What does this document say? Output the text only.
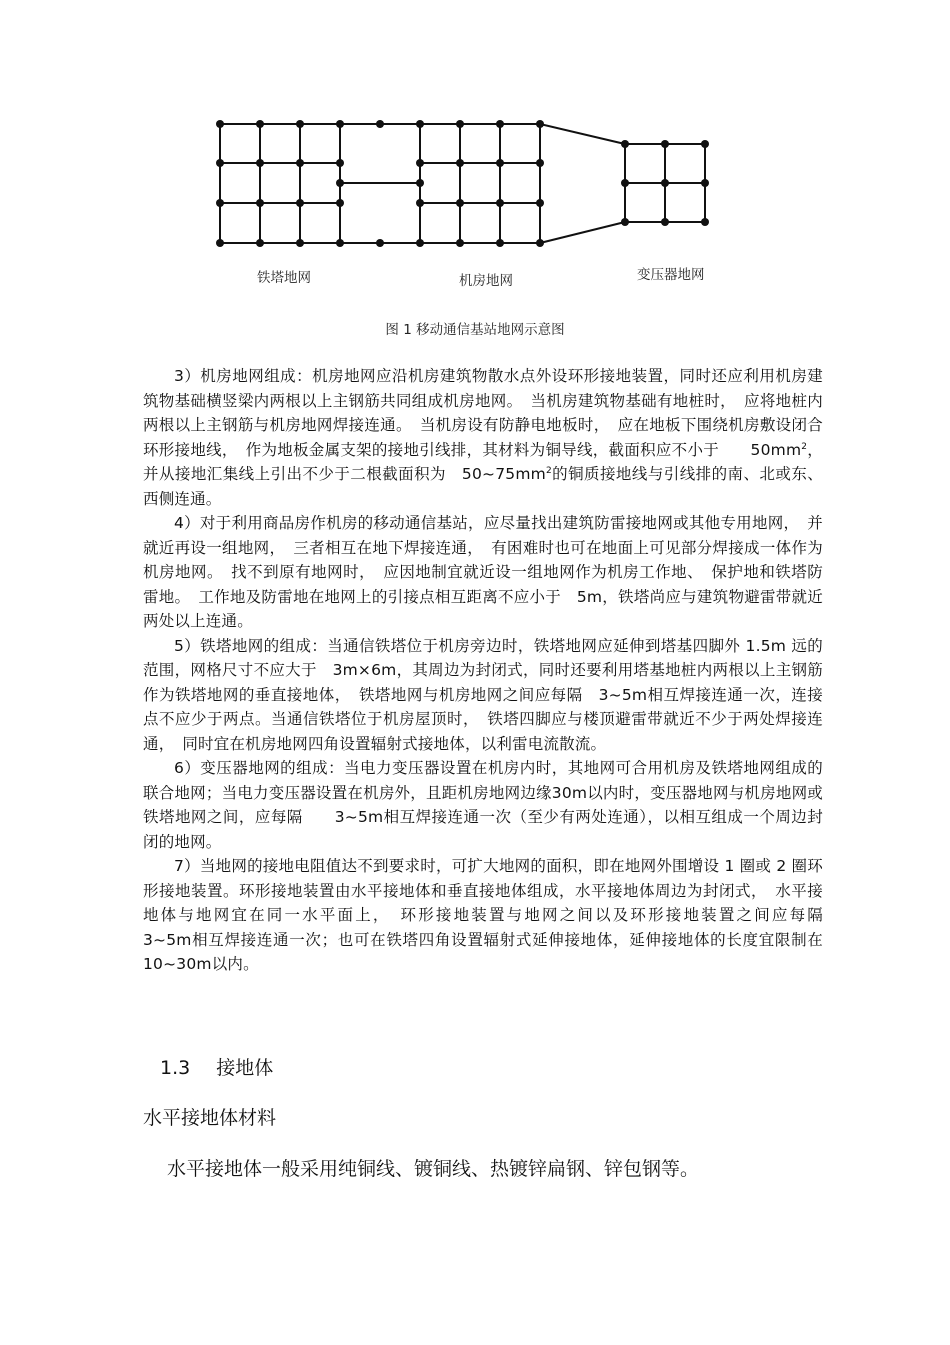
铁塔地网	机房地网	变压器地网
图 1 移动通信基站地网示意图

3）机房地网组成：机房地网应沿机房建筑物散水点外设环形接地装置，同时还应利用机房建筑物基础横竖梁内两根以上主钢筋共同组成机房地网。　当机房建筑物基础有地桩时，　应将地桩内两根以上主钢筋与机房地网焊接连通。　当机房设有防静电地板时，　应在地板下围绕机房敷设闭合环形接地线，　作为地板金属支架的接地引线排，其材料为铜导线，截面积应不小于　　$50mm^2$，并从接地汇集线上引出不少于二根截面积为　$50\sim 75mm^2$的铜质接地线与引线排的南、北或东、西侧连通。

4）对于利用商品房作机房的移动通信基站，应尽量找出建筑防雷接地网或其他专用地网，　并就近再设一组地网，　三者相互在地下焊接连通，　有困难时也可在地面上可见部分焊接成一体作为机房地网。　找不到原有地网时，　应因地制宜就近设一组地网作为机房工作地、　保护地和铁塔防雷地。　工作地及防雷地在地网上的引接点相互距离不应小于　5m，铁塔尚应与建筑物避雷带就近两处以上连通。

5）铁塔地网的组成：当通信铁塔位于机房旁边时，铁塔地网应延伸到塔基四脚外 1.5m 远的范围，网格尺寸不应大于　3m×6m，其周边为封闭式，同时还要利用塔基地桩内两根以上主钢筋作为铁塔地网的垂直接地体，　铁塔地网与机房地网之间应每隔　3~5m相互焊接连通一次，连接点不应少于两点。当通信铁塔位于机房屋顶时，　铁塔四脚应与楼顶避雷带就近不少于两处焊接连通，　同时宜在机房地网四角设置辐射式接地体，以利雷电流散流。

6）变压器地网的组成：当电力变压器设置在机房内时，其地网可合用机房及铁塔地网组成的联合地网；当电力变压器设置在机房外，且距机房地网边缘30m以内时，变压器地网与机房地网或铁塔地网之间，应每隔　　3~5m相互焊接连通一次（至少有两处连通），以相互组成一个周边封闭的地网。

7）当地网的接地电阻值达不到要求时，可扩大地网的面积，即在地网外围增设 1 圈或 2 圈环形接地装置。环形接地装置由水平接地体和垂直接地体组成，水平接地体周边为封闭式，　水平接地体与地网宜在同一水平面上，　环形接地装置与地网之间以及环形接地装置之间应每隔　　3~5m相互焊接连通一次；也可在铁塔四角设置辐射式延伸接地体，延伸接地体的长度宜限制在　　10~30m以内。

1.3 接地体
水平接地体材料
水平接地体一般采用纯铜线、镀铜线、热镀锌扁钢、锌包钢等。
